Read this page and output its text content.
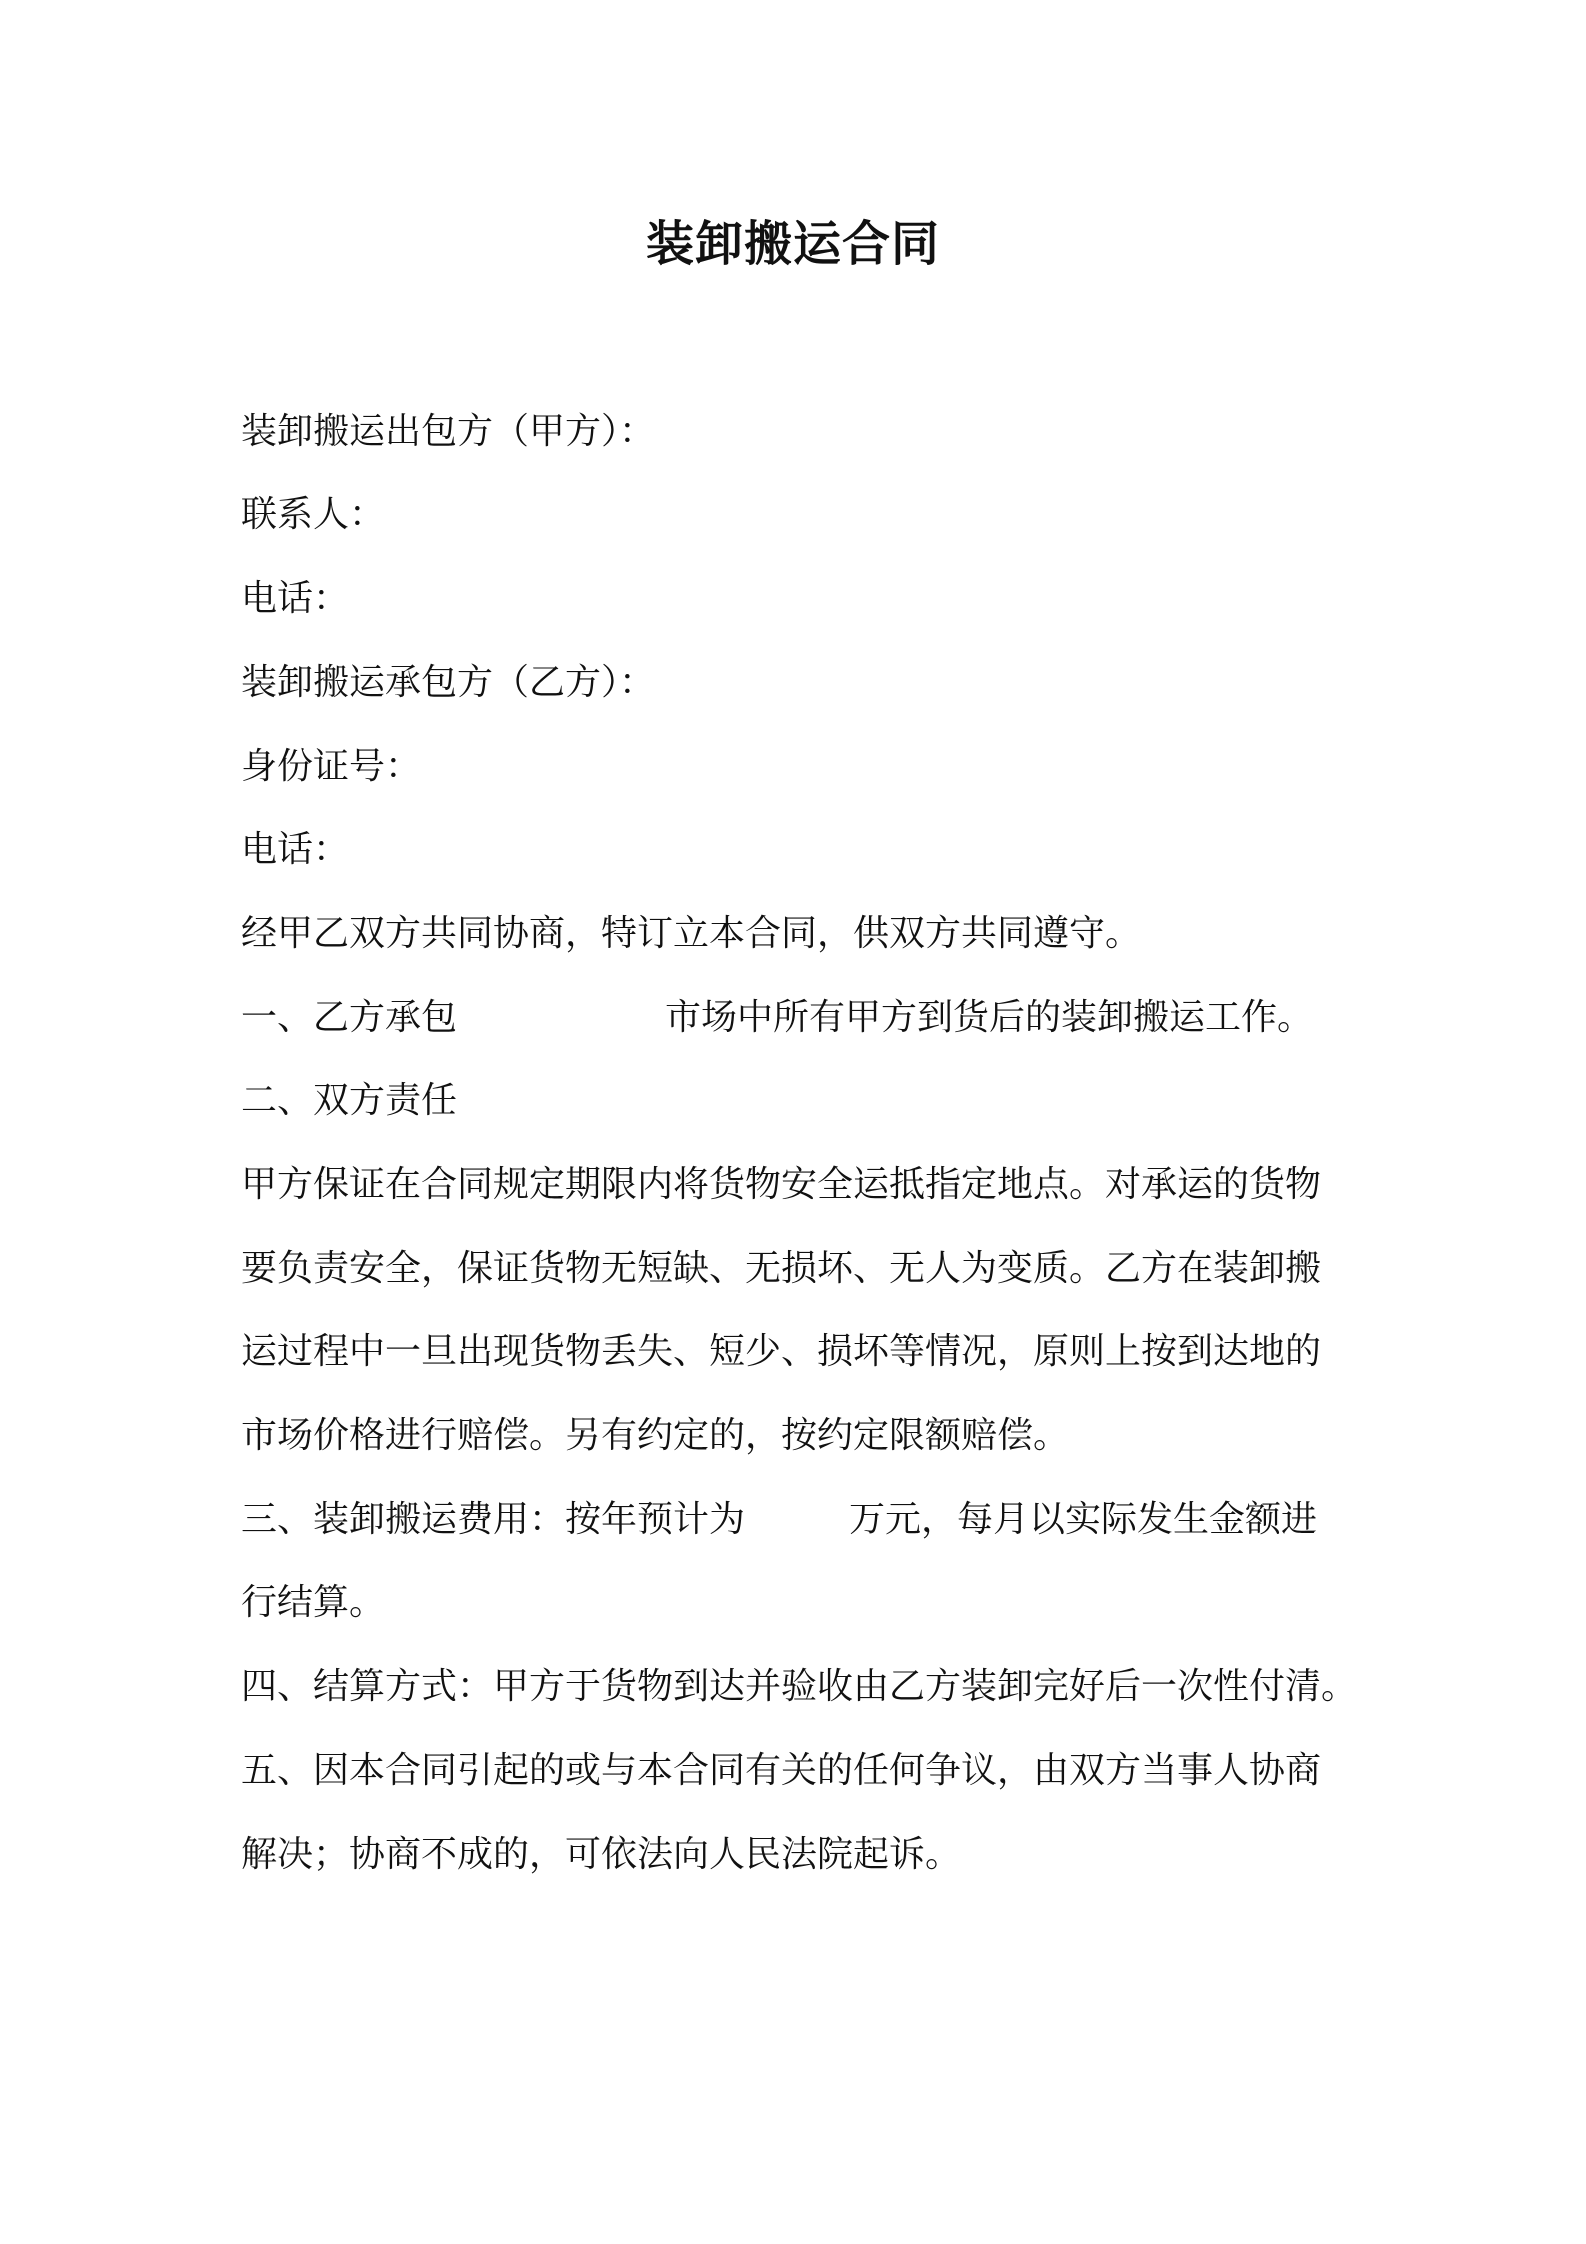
装卸搬运合同
装卸搬运出包方（甲方）：
联系人：
电话：
装卸搬运承包方（乙方）：
身份证号：
电话：
经甲乙双方共同协商，特订立本合同，供双方共同遵守。
一、乙方承包	市场中所有甲方到货后的装卸搬运工作。
二、双方责任
甲方保证在合同规定期限内将货物安全运抵指定地点。对承运的货物
要负责安全，保证货物无短缺、无损坏、无人为变质。乙方在装卸搬
运过程中一旦出现货物丢失、短少、损坏等情况，原则上按到达地的
市场价格进行赔偿。另有约定的，按约定限额赔偿。
三、装卸搬运费用：按年预计为	万元，每月以实际发生金额进
行结算。
四、结算方式：甲方于货物到达并验收由乙方装卸完好后一次性付清。
五、因本合同引起的或与本合同有关的任何争议，由双方当事人协商
解决；协商不成的，可依法向人民法院起诉。
